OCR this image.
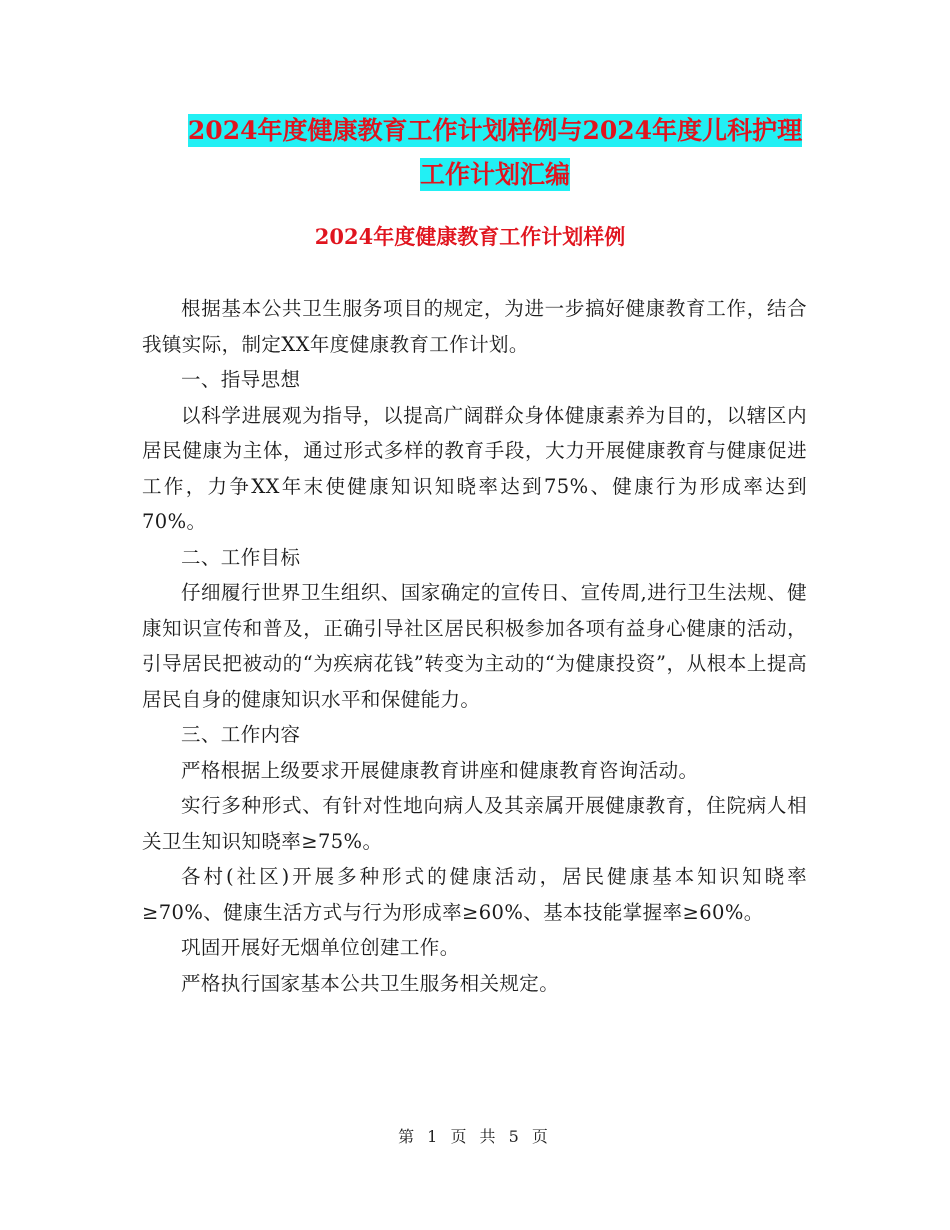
2024年度健康教育工作计划样例与2024年度儿科护理
工作计划汇编
2024年度健康教育工作计划样例

根据基本公共卫生服务项目的规定，为进一步搞好健康教育工作，结合我镇实际，制定XX年度健康教育工作计划。

一、指导思想

以科学进展观为指导，以提高广阔群众身体健康素养为目的，以辖区内居民健康为主体，通过形式多样的教育手段，大力开展健康教育与健康促进工作，力争XX年末使健康知识知晓率达到75%、健康行为形成率达到70%。

二、工作目标

仔细履行世界卫生组织、国家确定的宣传日、宣传周,进行卫生法规、健康知识宣传和普及，正确引导社区居民积极参加各项有益身心健康的活动，引导居民把被动的“为疾病花钱”转变为主动的“为健康投资”，从根本上提高居民自身的健康知识水平和保健能力。

三、工作内容

严格根据上级要求开展健康教育讲座和健康教育咨询活动。

实行多种形式、有针对性地向病人及其亲属开展健康教育，住院病人相关卫生知识知晓率≥75%。

各村(社区)开展多种形式的健康活动，居民健康基本知识知晓率≥70%、健康生活方式与行为形成率≥60%、基本技能掌握率≥60%。

巩固开展好无烟单位创建工作。

严格执行国家基本公共卫生服务相关规定。

第 1 页 共 5 页
